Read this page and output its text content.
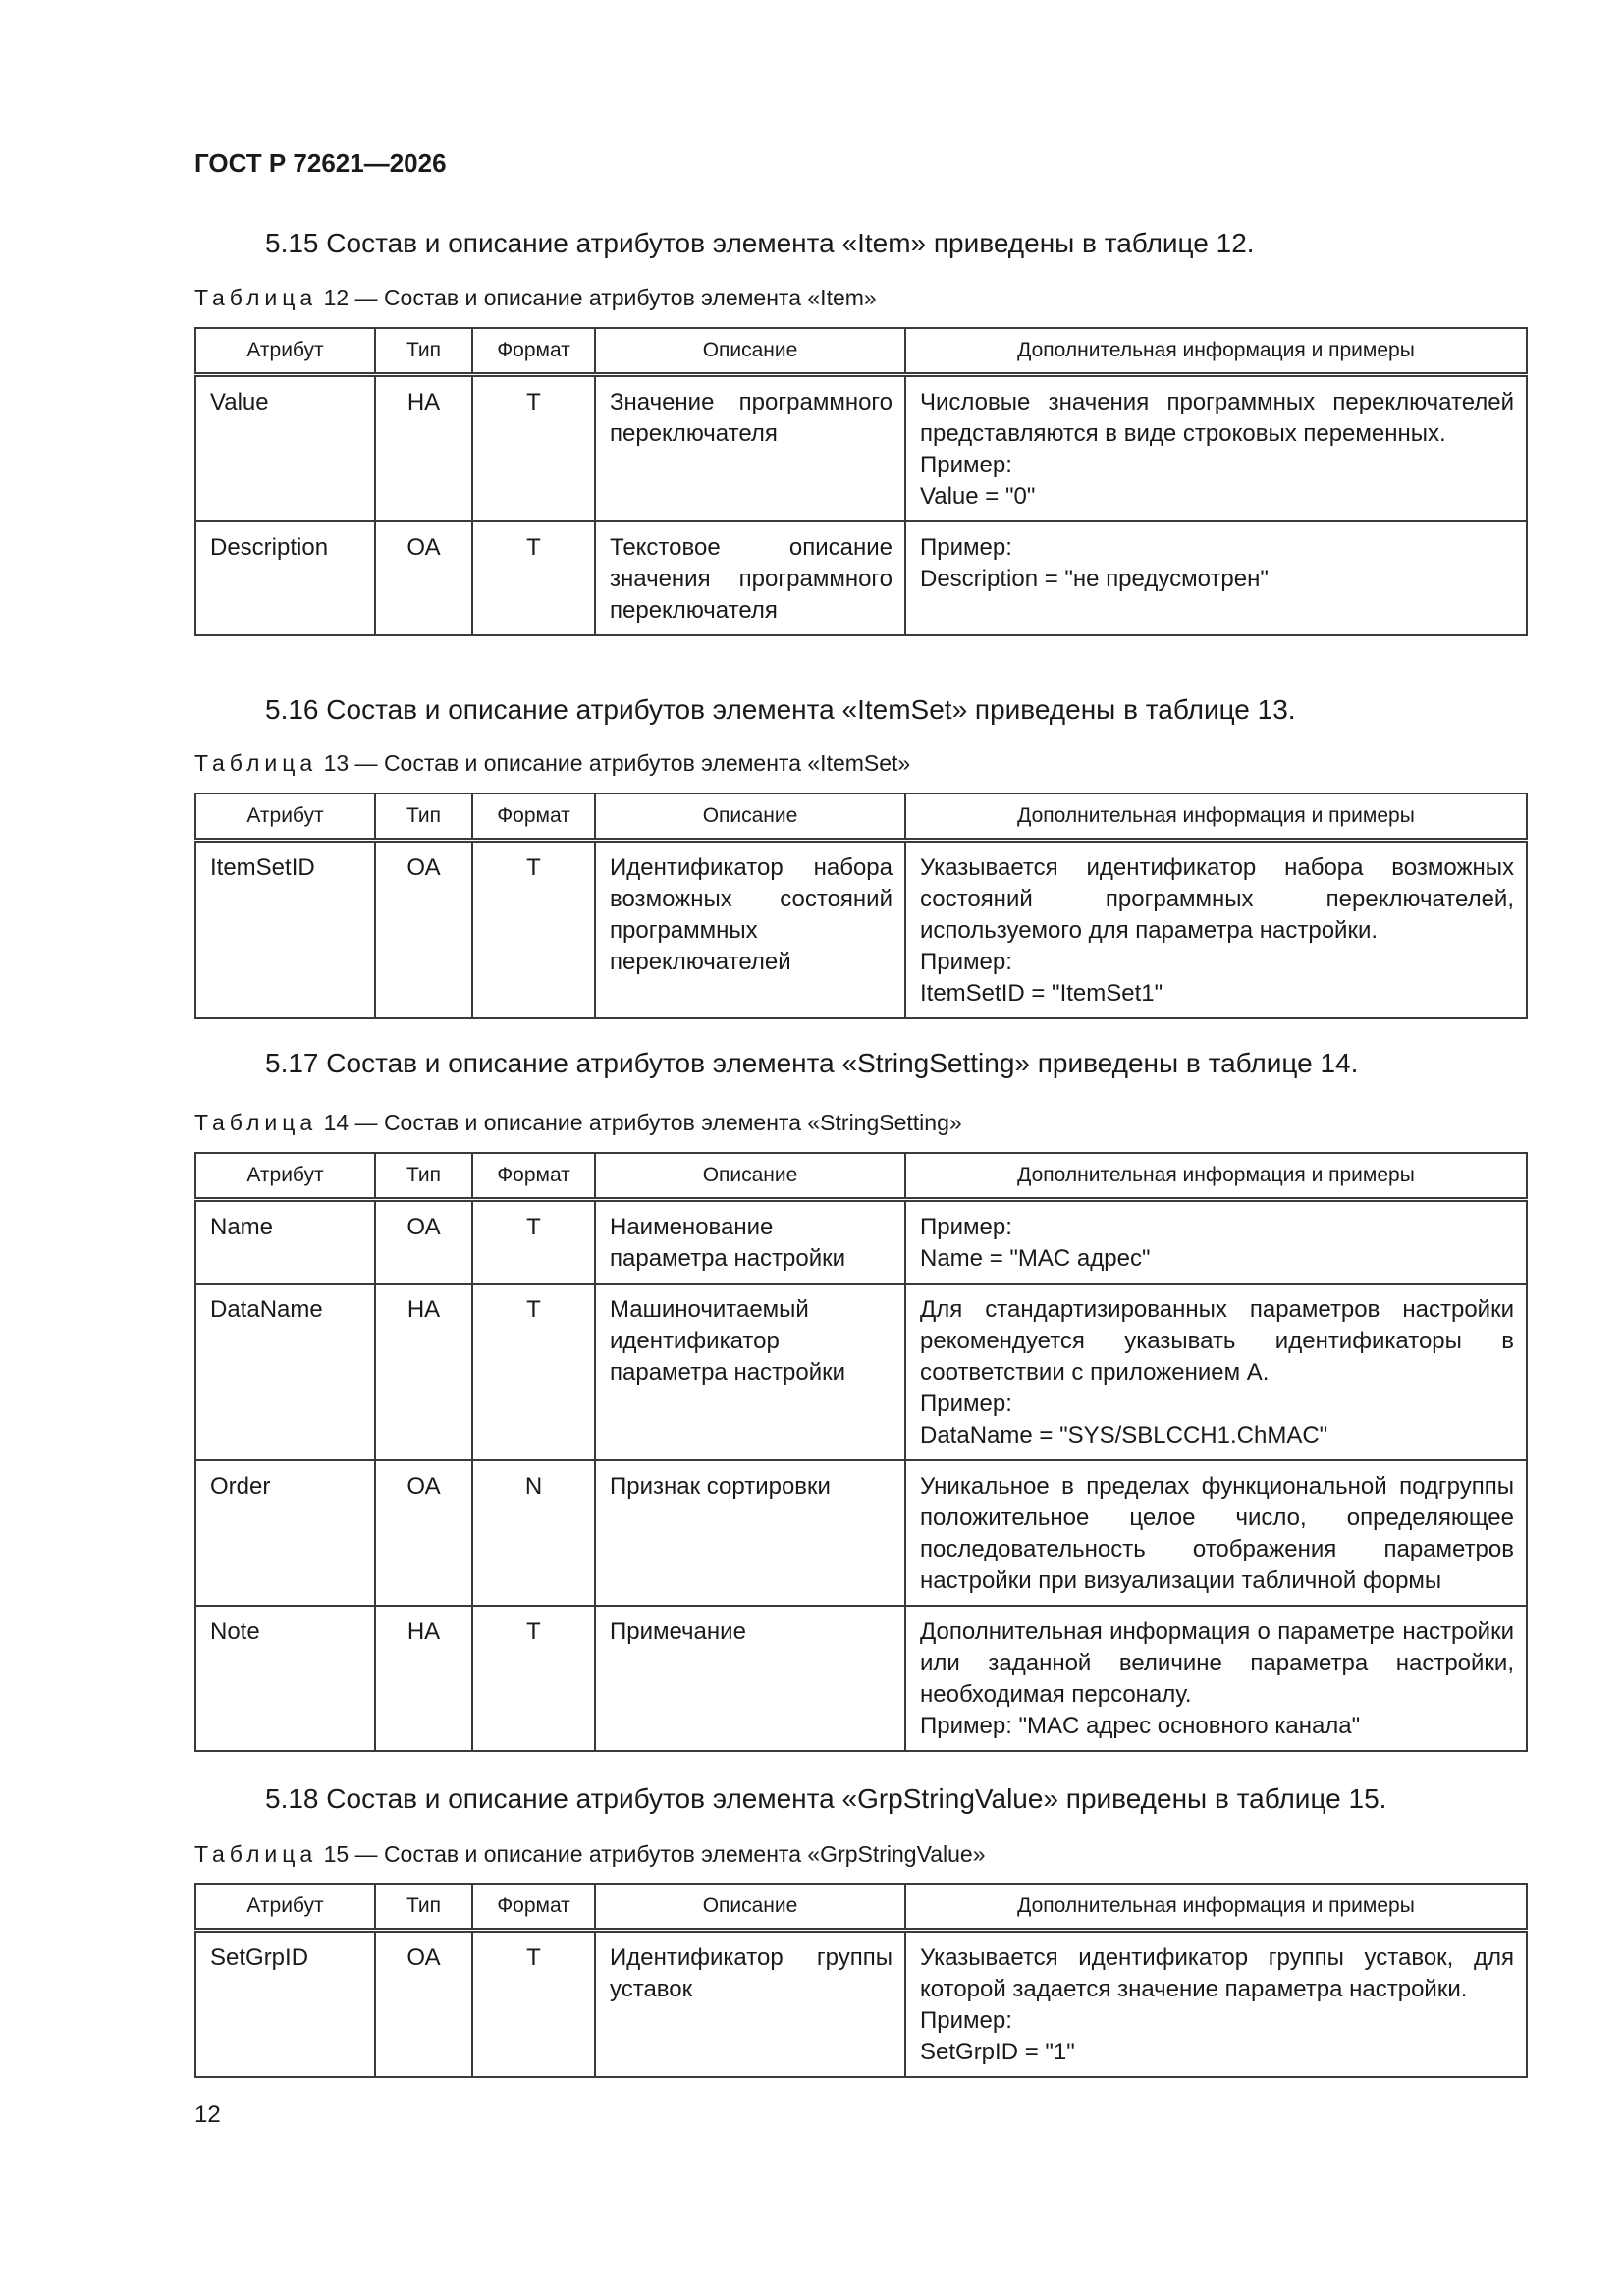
ГОСТ Р 72621—2026
5.15 Состав и описание атрибутов элемента «Item» приведены в таблице 12.
Таблица 12 — Состав и описание атрибутов элемента «Item»
Атрибут	Тип	Формат	Описание	Дополнительная информация и примеры
Value	НА	Т	Значение программного переключателя	Числовые значения программных переключателей представляются в виде строковых переменных.
Пример:
Value = "0"
Description	ОА	Т	Текстовое описание значения программного переключателя	Пример:
Description = "не предусмотрен"
5.16 Состав и описание атрибутов элемента «ItemSet» приведены в таблице 13.
Таблица 13 — Состав и описание атрибутов элемента «ItemSet»
Атрибут	Тип	Формат	Описание	Дополнительная информация и примеры
ItemSetID	ОА	Т	Идентификатор набора возможных состояний программных переключателей	Указывается идентификатор набора возможных состояний программных переключателей, используемого для параметра настройки.
Пример:
ItemSetID = "ItemSet1"
5.17 Состав и описание атрибутов элемента «StringSetting» приведены в таблице 14.
Таблица 14 — Состав и описание атрибутов элемента «StringSetting»
Атрибут	Тип	Формат	Описание	Дополнительная информация и примеры
Name	ОА	Т	Наименование параметра настройки	Пример:
Name = "MAC адрес"
DataName	НА	Т	Машиночитаемый идентификатор параметра настройки	Для стандартизированных параметров настройки рекомендуется указывать идентификаторы в соответствии с приложением А.
Пример:
DataName = "SYS/SBLCCH1.ChMAC"
Order	ОА	N	Признак сортировки	Уникальное в пределах функциональной подгруппы положительное целое число, определяющее последовательность отображения параметров настройки при визуализации табличной формы
Note	НА	Т	Примечание	Дополнительная информация о параметре настройки или заданной величине параметра настройки, необходимая персоналу.
Пример: "MAC адрес основного канала"
5.18 Состав и описание атрибутов элемента «GrpStringValue» приведены в таблице 15.
Таблица 15 — Состав и описание атрибутов элемента «GrpStringValue»
Атрибут	Тип	Формат	Описание	Дополнительная информация и примеры
SetGrpID	ОА	Т	Идентификатор группы уставок	Указывается идентификатор группы уставок, для которой задается значение параметра настройки.
Пример:
SetGrpID = "1"
12
